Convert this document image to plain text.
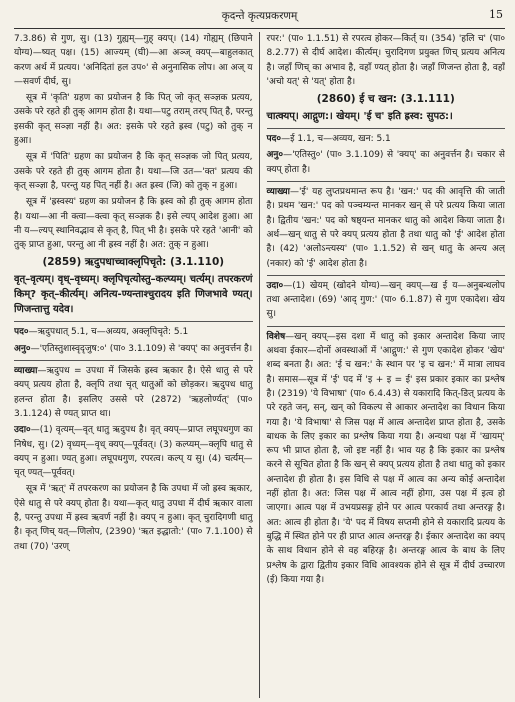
कृदन्ते कृत्यप्रकरणम्	15

7.3.86) से गुण, सु। (13) गुह्यम्—गुह् क्यप्। (14) गोह्यम् (छिपाने योग्य)—ष्यत् पक्ष। (15) आज्यम् (घी)—आ अञ्ज् क्यप्—बाहुलकात् करण अर्थ में प्रत्यय। 'अनिदितां हल उप०' से अनुनासिक लोप। आ अज् य—सवर्ण दीर्घ, सु।

सूत्र में 'कृति' ग्रहण का प्रयोजन है कि पित् जो कृत् सञ्ज्ञक प्रत्यय, उसके परे रहते ही तुक् आगम होता है। यथा—पटु तराम् तरप् पित् है, परन्तु इसकी कृत् सञ्ज्ञा नहीं है। अत: इसके परे रहते ह्रस्व (पटु) को तुक् न हुआ।

सूत्र में 'पिति' ग्रहण का प्रयोजन है कि कृत् सञ्ज्ञक जो पित् प्रत्यय, उसके परे रहते ही तुक् आगम होता है। यथा—जि उत—'क्त' प्रत्यय की कृत् सञ्ज्ञा है, परन्तु यह पित् नहीं है। अत ह्रस्व (जि) को तुक् न हुआ।

सूत्र में 'ह्रस्वस्य' ग्रहण का प्रयोजन है कि ह्रस्व को ही तुक् आगम होता है। यथा—आ नी क्त्वा—क्त्वा कृत् सञ्ज्ञक है। इसे ल्यप् आदेश हुआ। आ नी य—ल्यप् स्थानिवद्भाव से कृत् है, पित् भी है। इसके परे रहते 'आनी' को तुक् प्राप्त हुआ, परन्तु आ नी ह्रस्व नहीं है। अत: तुक् न हुआ।

(2859) ऋदुपधाच्चाक्लृपिचृते: (3.1.110)

वृत्–वृत्यम्। वृध्–वृध्यम्। क्लृपिचृत्योस्तु–कल्प्यम्। चर्त्यम्। तपरकरणं किम्? कृत्–कीर्त्यम्। अनित्य-ण्यन्ताश्चुरादय इति णिजभावे ण्यत्। णिजन्तात्तु यदेव।

पद०—ऋदुपधात् 5.1, च—अव्यय, अक्लृपिचृते: 5.1

अनु०—'एतिस्तुशास्वृदृजुष:०' (पा० 3.1.109) से 'क्यप्' का अनुवर्त्तन है।

व्याख्या—ऋदुपध = उपधा में जिसके ह्रस्व ऋकार है। ऐसे धातु से परे क्यप् प्रत्यय होता है, क्लृपि तथा चृत् धातुओं को छोड़कर। ऋदुपध धातु हलन्त होता है। इसलिए उससे परे (2872) 'ऋहलोर्ण्यत्' (पा० 3.1.124) से ण्यत् प्राप्त था।

उदा०—(1) वृत्यम्—वृत् धातु ऋदुपध है। वृत् क्यप्—प्राप्त लघूपधगुण का निषेध, सु। (2) वृध्यम्—वृध् क्यप्—पूर्ववत्। (3) कल्प्यम्—क्लृपि धातु से क्यप् न हुआ। ण्यत् हुआ। लघूपधगुण, रपरत्व। कल्प् य सु। (4) चर्त्यम्—चृत् ण्यत्—पूर्ववत्।

सूत्र में 'ऋत्' में तपरकरण का प्रयोजन है कि उपधा में जो ह्रस्व ऋकार, ऐसे धातु से परे क्यप् होता है। यथा—कृत् धातु उपधा में दीर्घ ऋकार वाला है, परन्तु उपधा में ह्रस्व ऋवर्ण नहीं है। क्यप् न हुआ। कृत् चुरादिगणी धातु है। कृत् णिच् यत्—णिलोप, (2390) 'ऋत इद्धातो:' (पा० 7.1.100) से तथा (70) 'उरण्

रपर:' (पा० 1.1.51) से रपरत्व होकर—किर्त् य। (354) 'हलि च' (पा० 8.2.77) से दीर्घ आदेश। कीर्त्यम्। चुरादिगण प्रयुक्त णिच् प्रत्यय अनित्य है। जहाँ णिच् का अभाव है, वहाँ ण्यत् होता है। जहाँ णिजन्त होता है, वहाँ 'अचो यत्' से 'यत्' होता है।

(2860) ई च खन: (3.1.111)

चात्क्यप्। आद्गुण:। खेयम्। 'ई च' इति ह्रस्व: सुपठ:।

पद०—ई 1.1, च—अव्यय, खन: 5.1

अनु०—'एतिस्तु०' (पा० 3.1.109) से 'क्यप्' का अनुवर्त्तन है। चकार से क्यप् होता है।

व्याख्या—'ई' यह लुप्तप्रथमान्त रूप है। 'खन:' पद की आवृत्ति की जाती है। प्रथम 'खन:' पद को पञ्चम्यन्त मानकर खन् से परे प्रत्यय किया जाता है। द्वितीय 'खन:' पद को षष्ठ्यन्त मानकर धातु को आदेश किया जाता है। अर्थ—खन् धातु से परे क्यप् प्रत्यय होता है तथा धातु को 'ई' आदेश होता है। (42) 'अलोऽन्त्यस्य' (पा० 1.1.52) से खन् धातु के अन्त्य अल् (नकार) को 'ई' आदेश होता है।

उदा०—(1) खेयम् (खोदने योग्य)—खन् क्यप्—ख ई य—अनुबन्धलोप तथा अन्तादेश। (69) 'आद् गुण:' (पा० 6.1.87) से गुण एकादेश। खेय सु।

विशेष—खन् क्यप्—इस दशा में धातु को इकार अन्तादेश किया जाए अथवा ईकार—दोनों अवस्थाओं में 'आद्गुण:' से गुण एकादेश होकर 'खेय' शब्द बनता है। अत: 'ई च खन:' के स्थान पर 'इ च खन:' में मात्रा लाघव है। समास—सूत्र में 'ई' पद में 'इ + इ = ई' इस प्रकार इकार का प्रश्लेष है। (2319) 'ये विभाषा' (पा० 6.4.43) से यकारादि कित्-ङित् प्रत्यय के परे रहते जन्, सन्, खन् को विकल्प से आकार अन्तादेश का विधान किया गया है। 'ये विभाषा' से जिस पक्ष में आत्व अन्तादेश प्राप्त होता है, उसके बाधक के लिए इकार का प्रश्लेष किया गया है। अन्यथा पक्ष में 'खायम्' रूप भी प्राप्त होता है, जो इष्ट नहीं है। भाव यह है कि इकार का प्रश्लेष करने से सूचित होता है कि खन् से क्यप् प्रत्यय होता है तथा धातु को इकार अन्तादेश ही होता है। इस विधि से पक्ष में आत्व का अन्य कोई अन्तादेश नहीं होता है। अत: जिस पक्ष में आत्व नहीं होगा, उस पक्ष में इत्व हो जाएगा। आत्व पक्ष में उभयप्रसङ्ग होने पर आत्व परकार्य तथा अन्तरङ्ग है। अत: आत्व ही होता है। 'ये' पद में विषय सप्तमी होने से यकारादि प्रत्यय के बुद्धि में स्थित होने पर ही प्राप्त आत्व अन्तरङ्ग है। ईकार अन्तादेश का क्यप् के साथ विधान होने से वह बहिरङ्ग है। अन्तरङ्ग आत्व के बाध के लिए प्रश्लेष के द्वारा द्वितीय इकार विधि आवश्यक होने से सूत्र में दीर्घ उच्चारण (ई) किया गया है।
